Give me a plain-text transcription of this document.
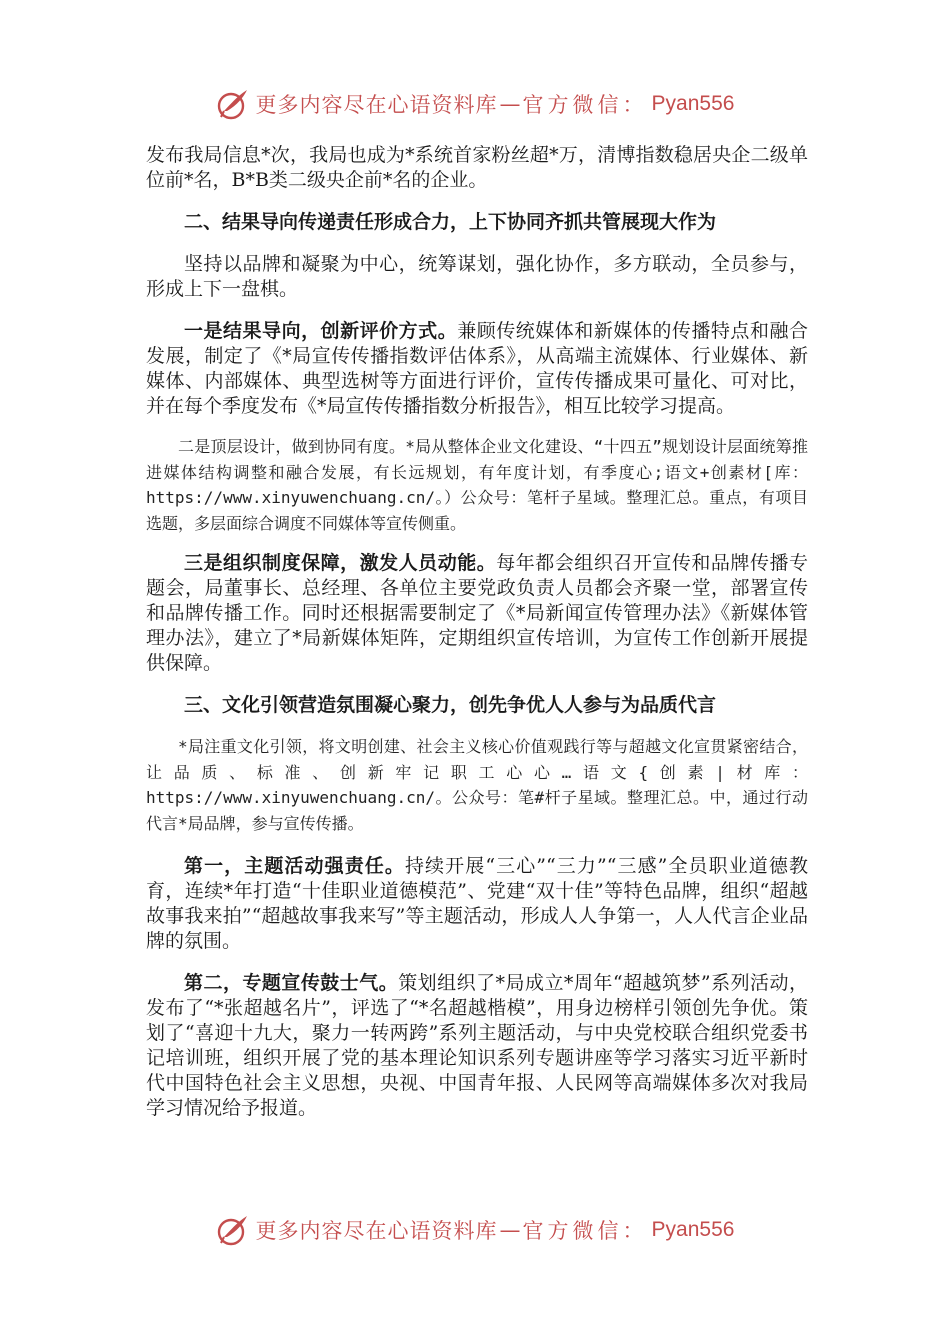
更多内容尽在心语资料库 — 官方微信： Pyan556

发布我局信息*次，我局也成为*系统首家粉丝超*万，清博指数稳居央企二级单位前*名，B*B类二级央企前*名的企业。

二、结果导向传递责任形成合力，上下协同齐抓共管展现大作为

坚持以品牌和凝聚为中心，统筹谋划，强化协作，多方联动，全员参与，形成上下一盘棋。

一是结果导向，创新评价方式。兼顾传统媒体和新媒体的传播特点和融合发展，制定了《*局宣传传播指数评估体系》，从高端主流媒体、行业媒体、新媒体、内部媒体、典型选树等方面进行评价，宣传传播成果可量化、可对比，并在每个季度发布《*局宣传传播指数分析报告》，相互比较学习提高。

二是顶层设计，做到协同有度。*局从整体企业文化建设、“十四五”规划设计层面统筹推进媒体结构调整和融合发展，有长远规划，有年度计划，有季度心;语文+创素材[库：https://www.xinyuwenchuang.cn/。）公众号：笔杆子星域。整理汇总。重点，有项目选题，多层面综合调度不同媒体等宣传侧重。

三是组织制度保障，激发人员动能。每年都会组织召开宣传和品牌传播专题会，局董事长、总经理、各单位主要党政负责人员都会齐聚一堂，部署宣传和品牌传播工作。同时还根据需要制定了《*局新闻宣传管理办法》《新媒体管理办法》，建立了*局新媒体矩阵，定期组织宣传培训，为宣传工作创新开展提供保障。

三、文化引领营造氛围凝心聚力，创先争优人人参与为品质代言

*局注重文化引领，将文明创建、社会主义核心价值观践行等与超越文化宣贯紧密结合，让品质、标准、创新牢记职工心心…语文{创素|材库：https://www.xinyuwenchuang.cn/。公众号：笔#杆子星域。整理汇总。中，通过行动代言*局品牌，参与宣传传播。

第一，主题活动强责任。持续开展“三心”“三力”“三感”全员职业道德教育，连续*年打造“十佳职业道德模范”、党建“双十佳”等特色品牌，组织“超越故事我来拍”“超越故事我来写”等主题活动，形成人人争第一，人人代言企业品牌的氛围。

第二，专题宣传鼓士气。策划组织了*局成立*周年“超越筑梦”系列活动，发布了“*张超越名片”，评选了“*名超越楷模”，用身边榜样引领创先争优。策划了“喜迎十九大，聚力一转两跨”系列主题活动，与中央党校联合组织党委书记培训班，组织开展了党的基本理论知识系列专题讲座等学习落实习近平新时代中国特色社会主义思想，央视、中国青年报、人民网等高端媒体多次对我局学习情况给予报道。

更多内容尽在心语资料库 — 官方微信： Pyan556
